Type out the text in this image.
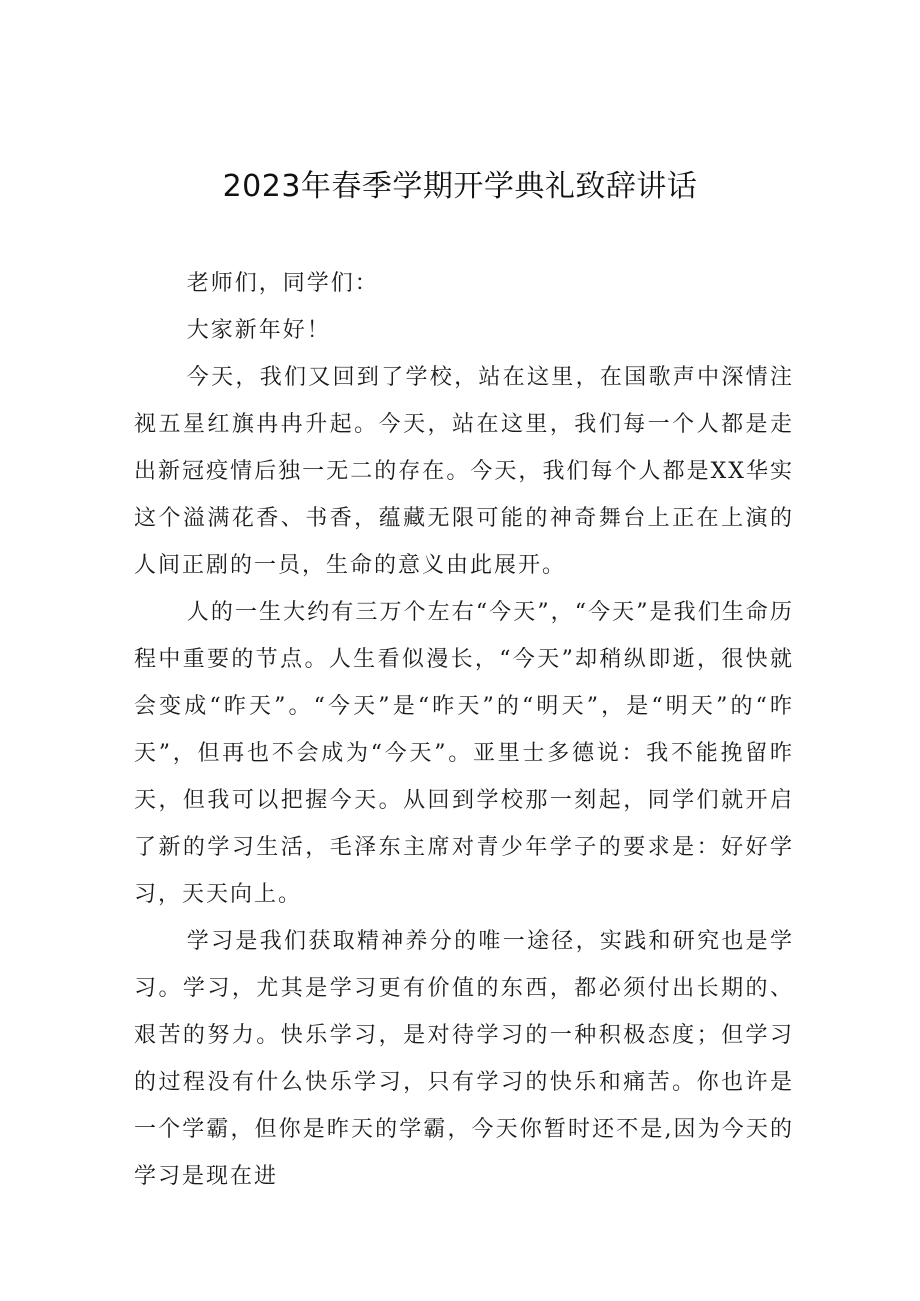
2023年春季学期开学典礼致辞讲话

老师们，同学们：

大家新年好！

今天，我们又回到了学校，站在这里，在国歌声中深情注视五星红旗冉冉升起。今天，站在这里，我们每一个人都是走出新冠疫情后独一无二的存在。今天，我们每个人都是XX华实这个溢满花香、书香，蕴藏无限可能的神奇舞台上正在上演的人间正剧的一员，生命的意义由此展开。

人的一生大约有三万个左右“今天”，“今天”是我们生命历程中重要的节点。人生看似漫长，“今天”却稍纵即逝，很快就会变成“昨天”。“今天”是“昨天”的“明天”，是“明天”的“昨天”，但再也不会成为“今天”。亚里士多德说：我不能挽留昨天，但我可以把握今天。从回到学校那一刻起，同学们就开启了新的学习生活，毛泽东主席对青少年学子的要求是：好好学习，天天向上。

学习是我们获取精神养分的唯一途径，实践和研究也是学习。学习，尤其是学习更有价值的东西，都必须付出长期的、艰苦的努力。快乐学习，是对待学习的一种积极态度；但学习的过程没有什么快乐学习，只有学习的快乐和痛苦。你也许是一个学霸，但你是昨天的学霸，今天你暂时还不是,因为今天的学习是现在进
